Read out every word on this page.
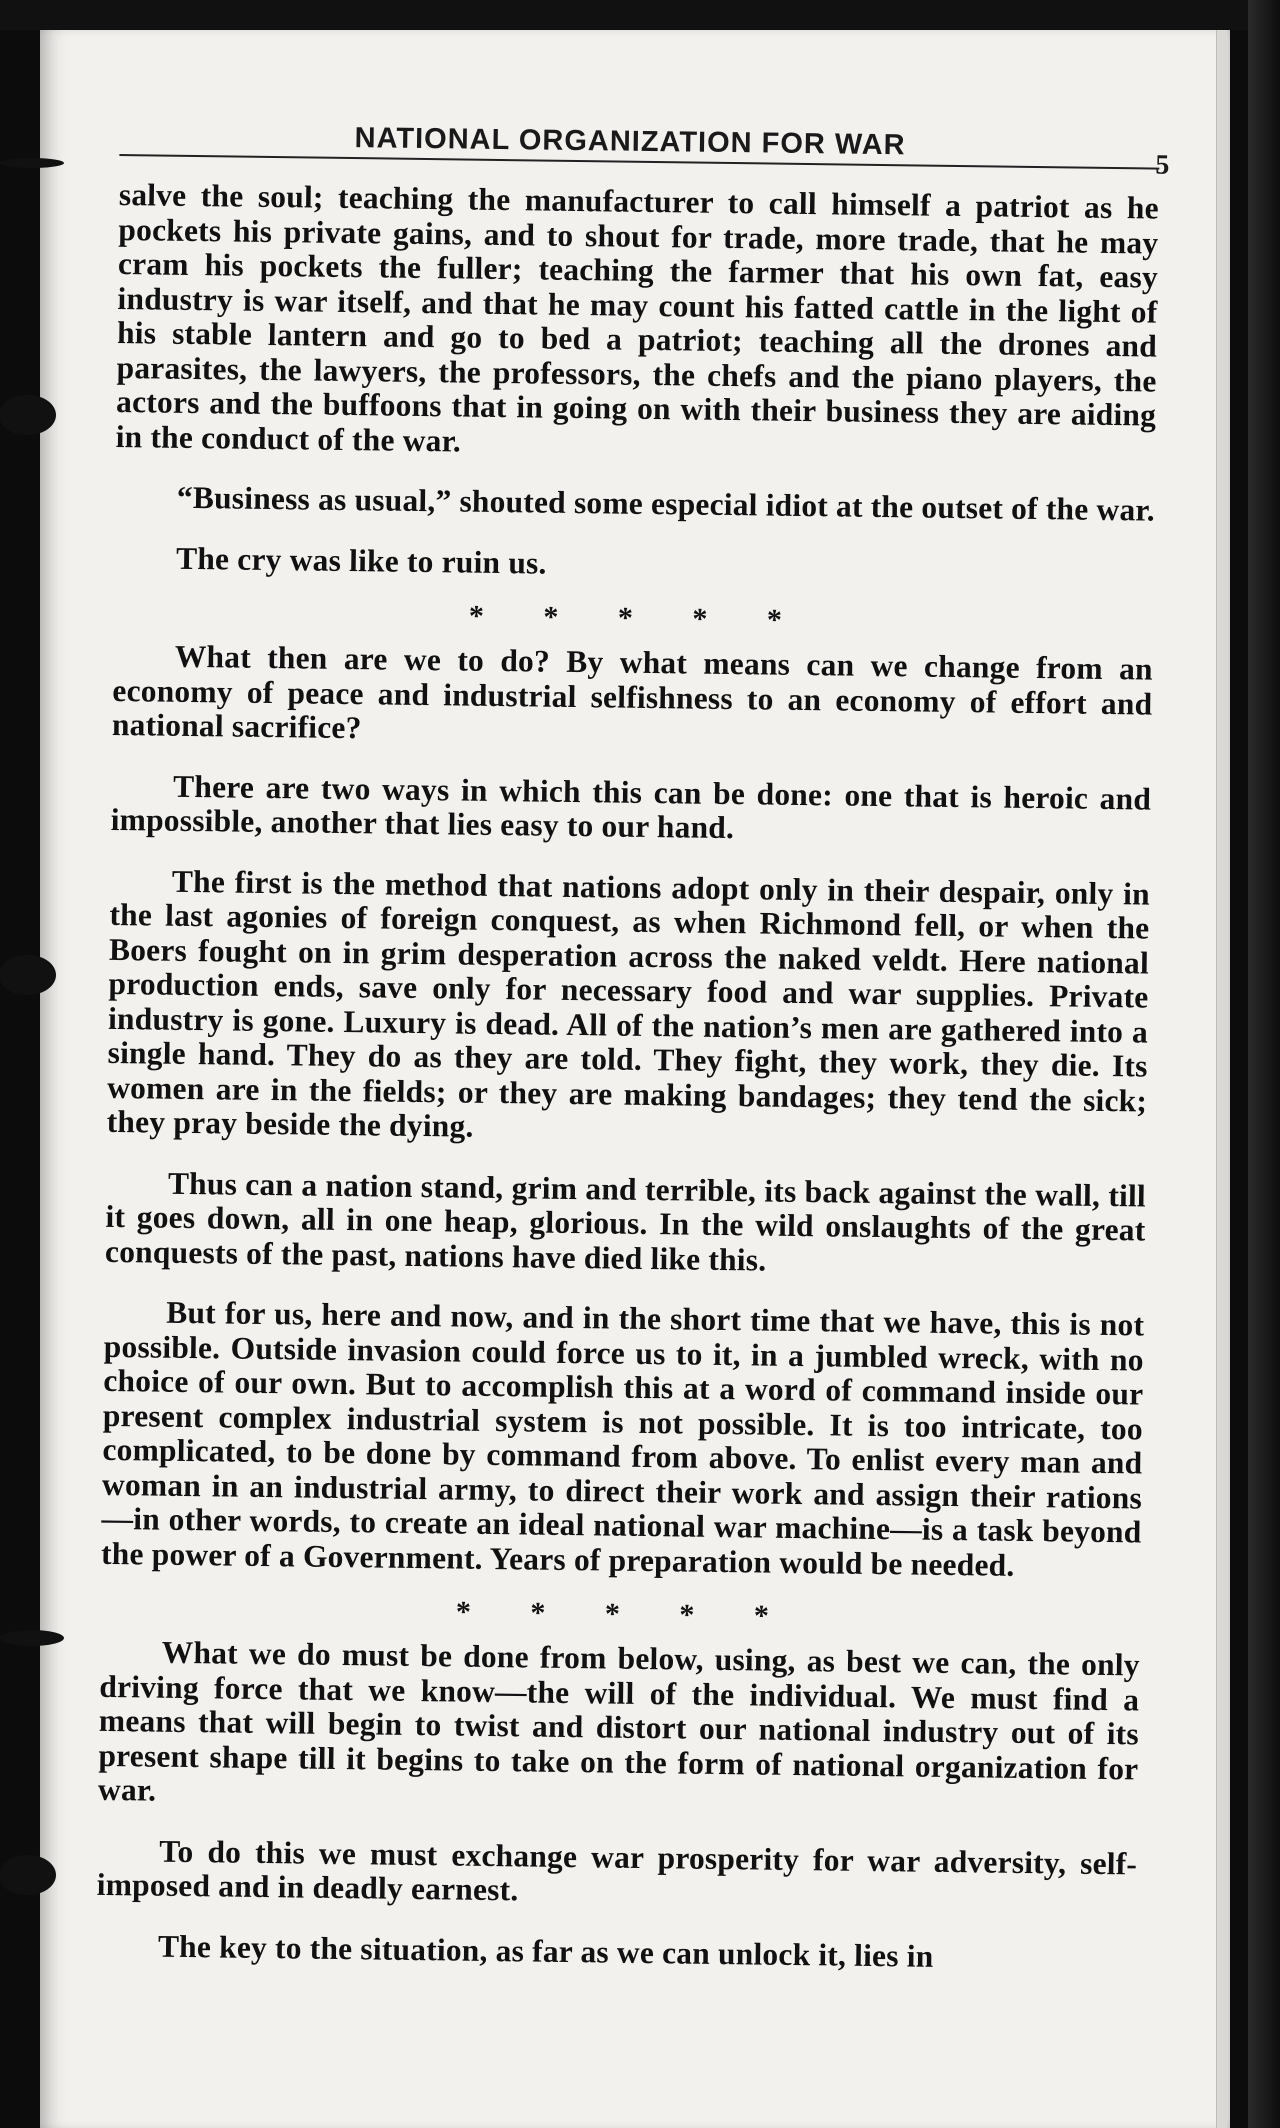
NATIONAL ORGANIZATION FOR WAR
5

salve the soul; teaching the manufacturer to call himself a patriot as he pockets his private gains, and to shout for trade, more trade, that he may cram his pockets the fuller; teaching the farmer that his own fat, easy industry is war itself, and that he may count his fatted cattle in the light of his stable lantern and go to bed a patriot; teaching all the drones and parasites, the lawyers, the professors, the chefs and the piano players, the actors and the buffoons that in going on with their business they are aiding in the conduct of the war.

“Business as usual,” shouted some especial idiot at the outset of the war.

The cry was like to ruin us.

* * * * *

What then are we to do? By what means can we change from an economy of peace and industrial selfishness to an economy of effort and national sacrifice?

There are two ways in which this can be done: one that is heroic and impossible, another that lies easy to our hand.

The first is the method that nations adopt only in their despair, only in the last agonies of foreign conquest, as when Richmond fell, or when the Boers fought on in grim desperation across the naked veldt. Here national production ends, save only for necessary food and war supplies. Private industry is gone. Luxury is dead. All of the nation’s men are gathered into a single hand. They do as they are told. They fight, they work, they die. Its women are in the fields; or they are making bandages; they tend the sick; they pray beside the dying.

Thus can a nation stand, grim and terrible, its back against the wall, till it goes down, all in one heap, glorious. In the wild onslaughts of the great conquests of the past, nations have died like this.

But for us, here and now, and in the short time that we have, this is not possible. Outside invasion could force us to it, in a jumbled wreck, with no choice of our own. But to accomplish this at a word of command inside our present complex industrial system is not possible. It is too intricate, too complicated, to be done by command from above. To enlist every man and woman in an industrial army, to direct their work and assign their rations —in other words, to create an ideal national war machine—is a task beyond the power of a Government. Years of preparation would be needed.

* * * * *

What we do must be done from below, using, as best we can, the only driving force that we know—the will of the individual. We must find a means that will begin to twist and distort our national industry out of its present shape till it begins to take on the form of national organization for war.

To do this we must exchange war prosperity for war adversity, self-imposed and in deadly earnest.

The key to the situation, as far as we can unlock it, lies in
